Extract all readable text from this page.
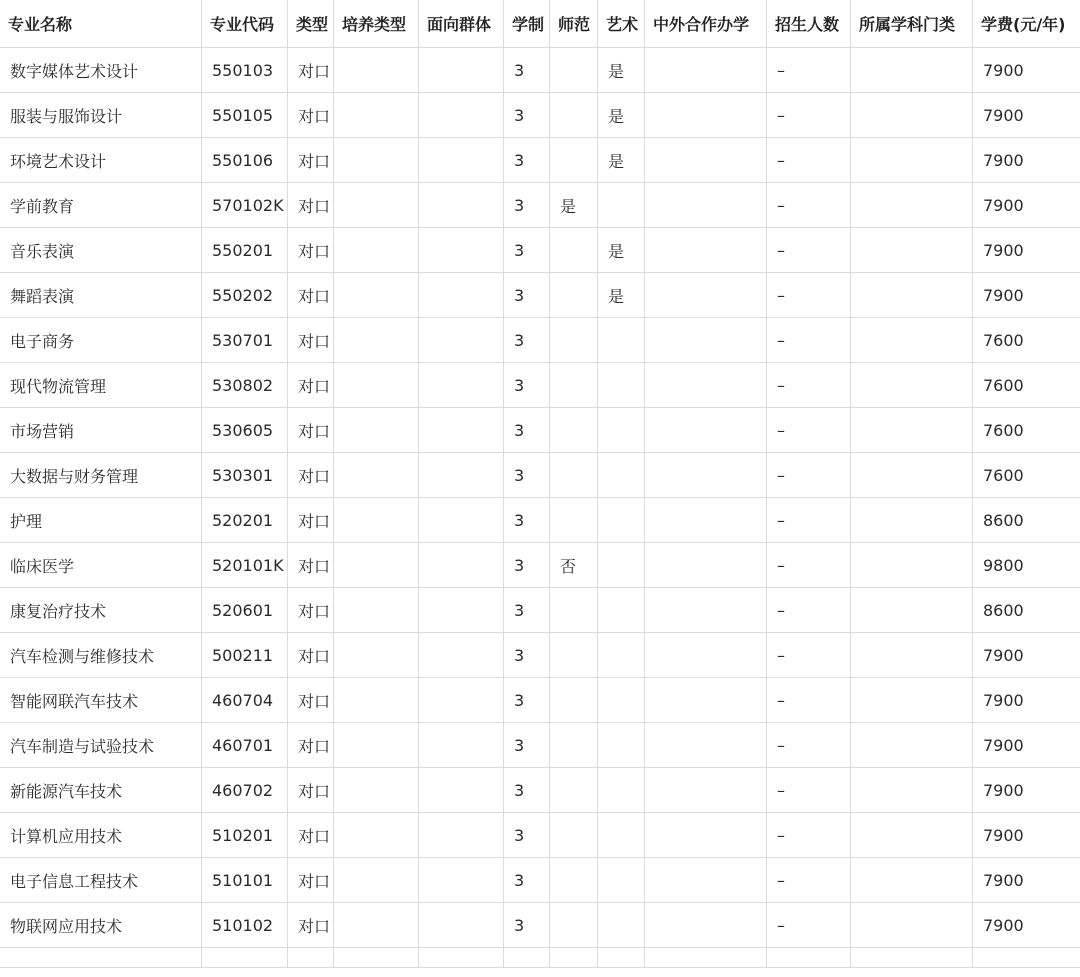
专业名称	专业代码	类型	培养类型	面向群体	学制	师范	艺术	中外合作办学	招生人数	所属学科门类	学费(元/年)
数字媒体艺术设计	550103	对口			3		是		–		7900
服装与服饰设计	550105	对口			3		是		–		7900
环境艺术设计	550106	对口			3		是		–		7900
学前教育	570102K	对口			3	是			–		7900
音乐表演	550201	对口			3		是		–		7900
舞蹈表演	550202	对口			3		是		–		7900
电子商务	530701	对口			3				–		7600
现代物流管理	530802	对口			3				–		7600
市场营销	530605	对口			3				–		7600
大数据与财务管理	530301	对口			3				–		7600
护理	520201	对口			3				–		8600
临床医学	520101K	对口			3	否			–		9800
康复治疗技术	520601	对口			3				–		8600
汽车检测与维修技术	500211	对口			3				–		7900
智能网联汽车技术	460704	对口			3				–		7900
汽车制造与试验技术	460701	对口			3				–		7900
新能源汽车技术	460702	对口			3				–		7900
计算机应用技术	510201	对口			3				–		7900
电子信息工程技术	510101	对口			3				–		7900
物联网应用技术	510102	对口			3				–		7900
